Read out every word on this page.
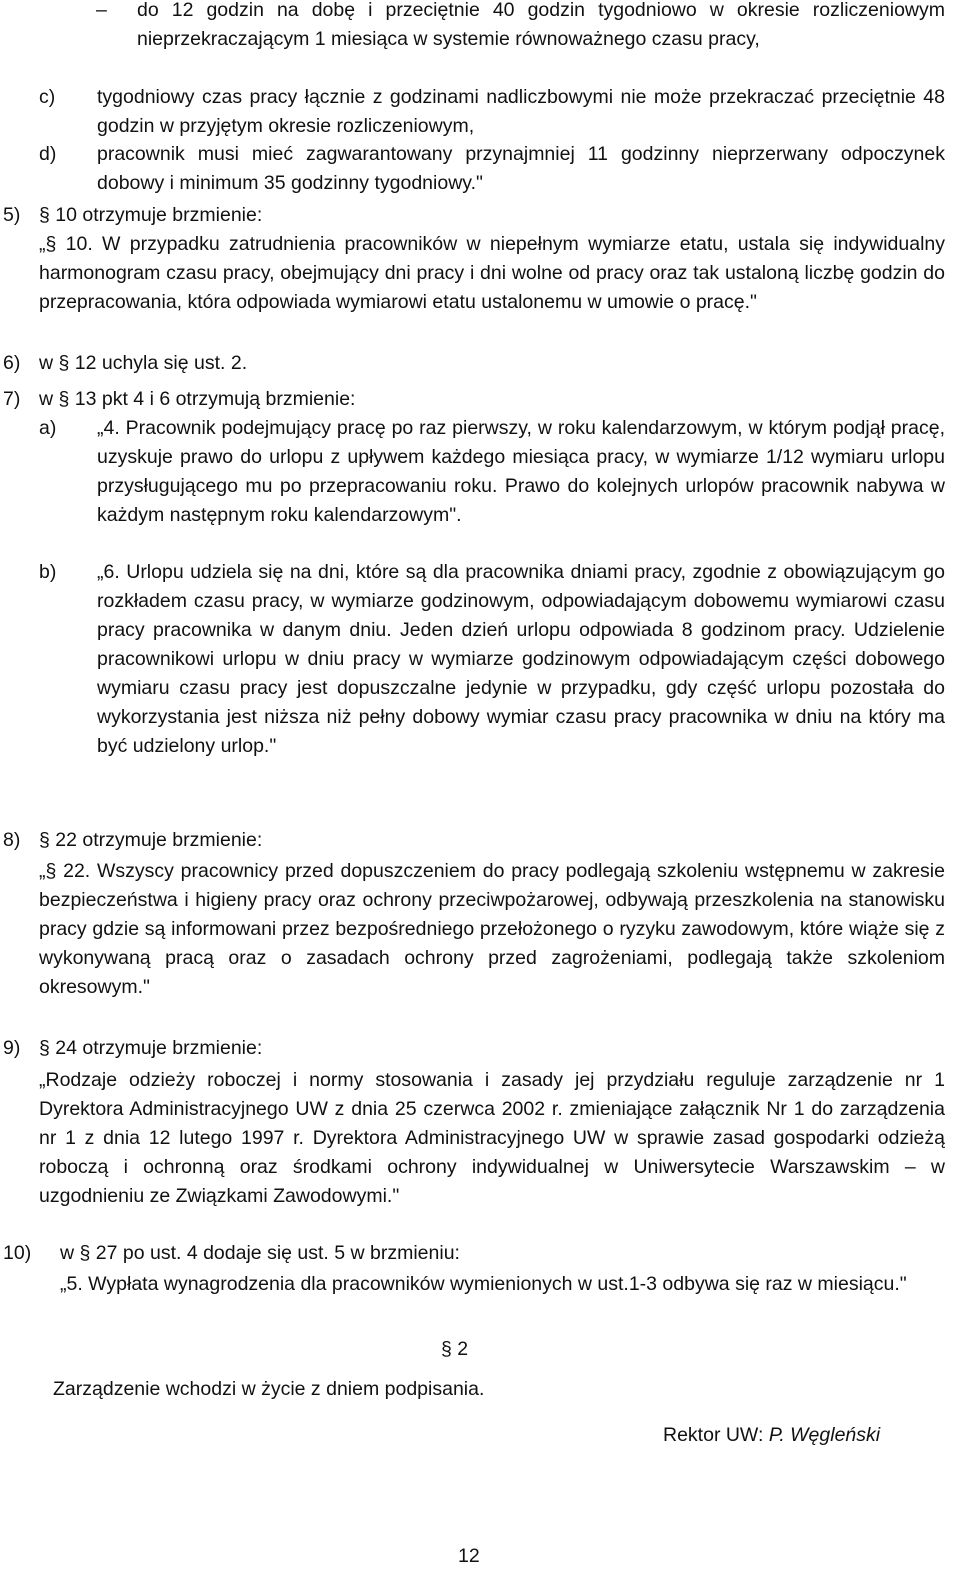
– do 12 godzin na dobę i przeciętnie 40 godzin tygodniowo w okresie rozliczeniowym nieprzekraczającym 1 miesiąca w systemie równoważnego czasu pracy,
c) tygodniowy czas pracy łącznie z godzinami nadliczbowymi nie może przekraczać przeciętnie 48 godzin w przyjętym okresie rozliczeniowym,
d) pracownik musi mieć zagwarantowany przynajmniej 11 godzinny nieprzerwany odpoczynek dobowy i minimum 35 godzinny tygodniowy."
5) § 10 otrzymuje brzmienie:
„§ 10. W przypadku zatrudnienia pracowników w niepełnym wymiarze etatu, ustala się indywidualny harmonogram czasu pracy, obejmujący dni pracy i dni wolne od pracy oraz tak ustaloną liczbę godzin do przepracowania, która odpowiada wymiarowi etatu ustalonemu w umowie o pracę."
6) w § 12 uchyla się ust. 2.
7) w § 13 pkt 4 i 6 otrzymują brzmienie:
a) „4. Pracownik podejmujący pracę po raz pierwszy, w roku kalendarzowym, w którym podjął pracę, uzyskuje prawo do urlopu z upływem każdego miesiąca pracy, w wymiarze 1/12 wymiaru urlopu przysługującego mu po przepracowaniu roku. Prawo do kolejnych urlopów pracownik nabywa w każdym następnym roku kalendarzowym".
b) „6. Urlopu udziela się na dni, które są dla pracownika dniami pracy, zgodnie z obowiązującym go rozkładem czasu pracy, w wymiarze godzinowym, odpowiadającym dobowemu wymiarowi czasu pracy pracownika w danym dniu. Jeden dzień urlopu odpowiada 8 godzinom pracy. Udzielenie pracownikowi urlopu w dniu pracy w wymiarze godzinowym odpowiadającym części dobowego wymiaru czasu pracy jest dopuszczalne jedynie w przypadku, gdy część urlopu pozostała do wykorzystania jest niższa niż pełny dobowy wymiar czasu pracy pracownika w dniu na który ma być udzielony urlop."
8) § 22 otrzymuje brzmienie:
„§ 22. Wszyscy pracownicy przed dopuszczeniem do pracy podlegają szkoleniu wstępnemu w zakresie bezpieczeństwa i higieny pracy oraz ochrony przeciwpożarowej, odbywają przeszkolenia na stanowisku pracy gdzie są informowani przez bezpośredniego przełożonego o ryzyku zawodowym, które wiąże się z wykonywaną pracą oraz o zasadach ochrony przed zagrożeniami, podlegają także szkoleniom okresowym."
9) § 24 otrzymuje brzmienie:
„Rodzaje odzieży roboczej i normy stosowania i zasady jej przydziału reguluje zarządzenie nr 1 Dyrektora Administracyjnego UW z dnia 25 czerwca 2002 r. zmieniające załącznik Nr 1 do zarządzenia nr 1 z dnia 12 lutego 1997 r. Dyrektora Administracyjnego UW w sprawie zasad gospodarki odzieżą roboczą i ochronną oraz środkami ochrony indywidualnej w Uniwersytecie Warszawskim – w uzgodnieniu ze Związkami Zawodowymi."
10) w § 27 po ust. 4 dodaje się ust. 5 w brzmieniu:
„5. Wypłata wynagrodzenia dla pracowników wymienionych w ust.1-3 odbywa się raz w miesiącu."
§ 2
Zarządzenie wchodzi w życie z dniem podpisania.
Rektor UW: P. Węgleński
12
